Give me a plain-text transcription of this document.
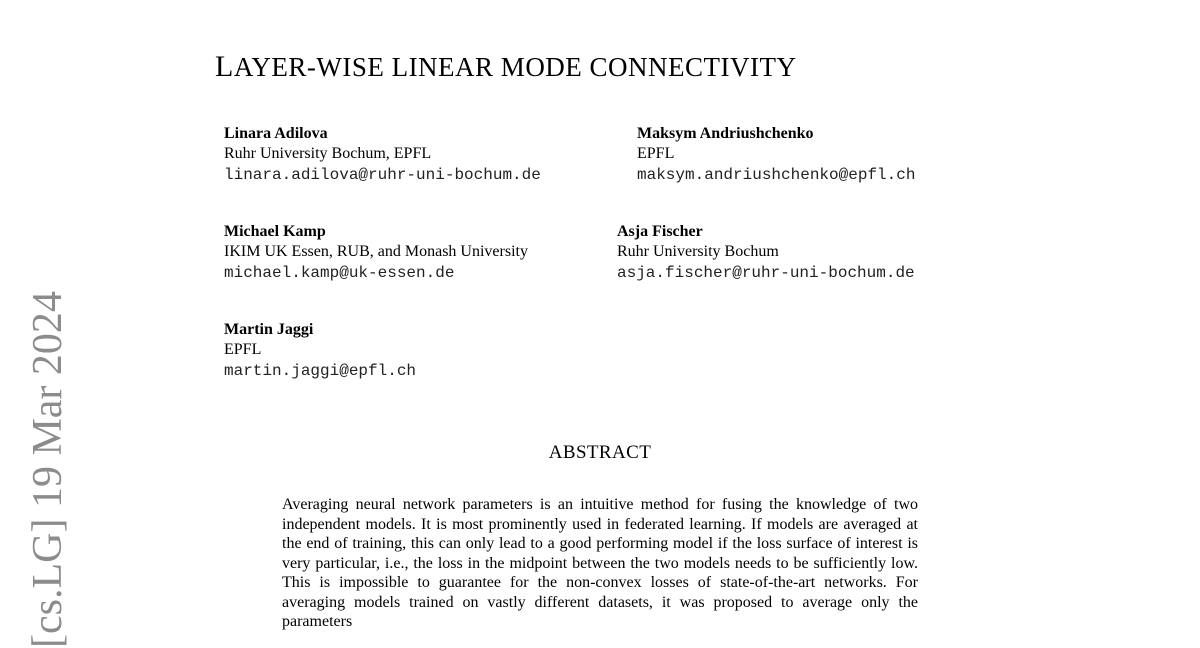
LAYER-WISE LINEAR MODE CONNECTIVITY
Linara Adilova
Ruhr University Bochum, EPFL
linara.adilova@ruhr-uni-bochum.de
Maksym Andriushchenko
EPFL
maksym.andriushchenko@epfl.ch
Michael Kamp
IKIM UK Essen, RUB, and Monash University
michael.kamp@uk-essen.de
Asja Fischer
Ruhr University Bochum
asja.fischer@ruhr-uni-bochum.de
Martin Jaggi
EPFL
martin.jaggi@epfl.ch
ABSTRACT
Averaging neural network parameters is an intuitive method for fusing the knowledge of two independent models. It is most prominently used in federated learning. If models are averaged at the end of training, this can only lead to a good performing model if the loss surface of interest is very particular, i.e., the loss in the midpoint between the two models needs to be sufficiently low. This is impossible to guarantee for the non-convex losses of state-of-the-art networks. For averaging models trained on vastly different datasets, it was proposed to average only the parameters
[cs.LG] 19 Mar 2024
